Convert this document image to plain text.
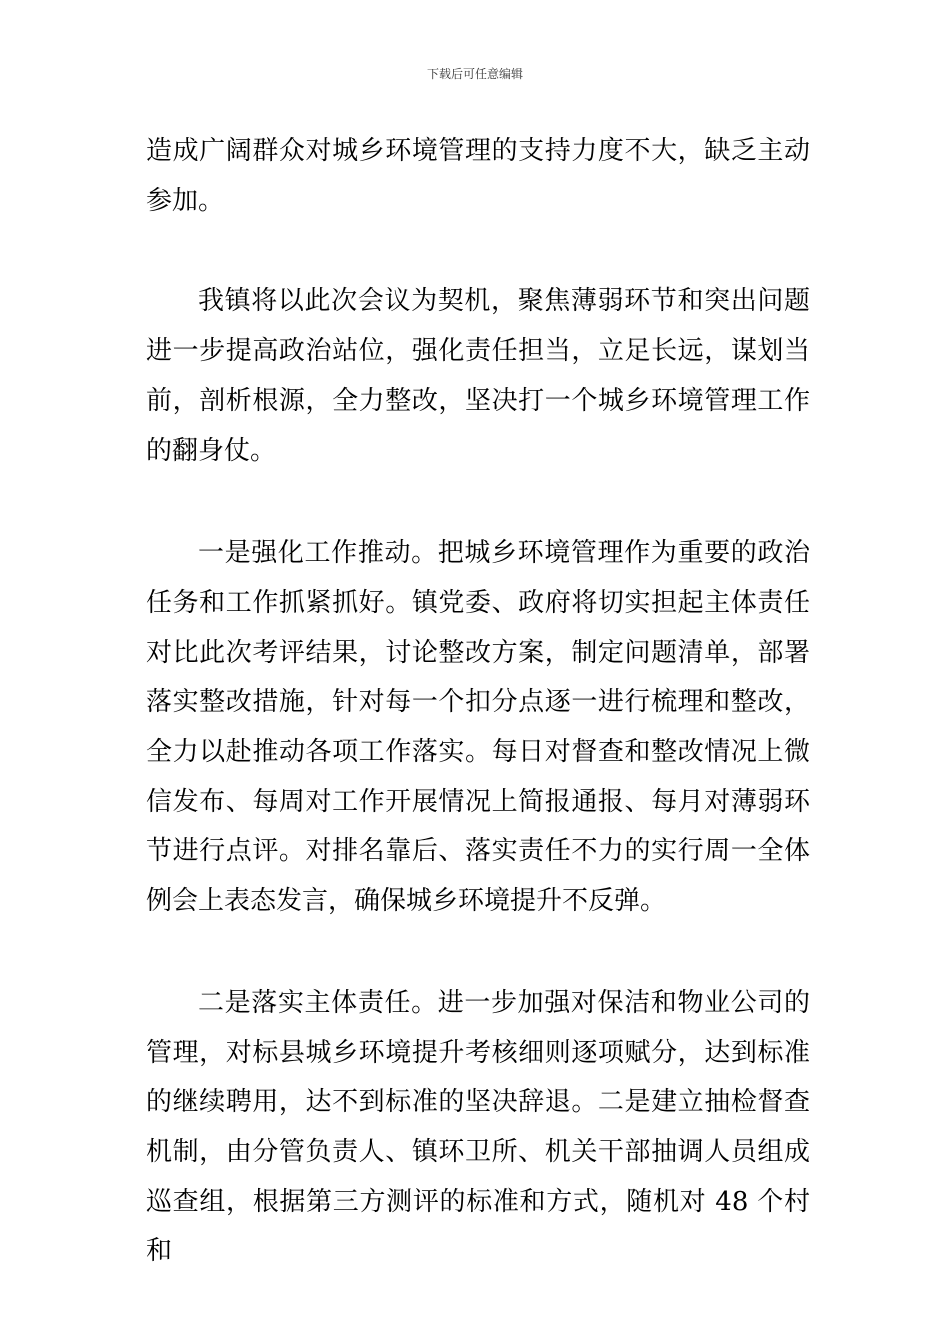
下载后可任意编辑

造成广阔群众对城乡环境管理的支持力度不大，缺乏主动参加。

我镇将以此次会议为契机，聚焦薄弱环节和突出问题进一步提高政治站位，强化责任担当，立足长远，谋划当前，剖析根源，全力整改，坚决打一个城乡环境管理工作的翻身仗。

一是强化工作推动。把城乡环境管理作为重要的政治任务和工作抓紧抓好。镇党委、政府将切实担起主体责任对比此次考评结果，讨论整改方案，制定问题清单，部署落实整改措施，针对每一个扣分点逐一进行梳理和整改，全力以赴推动各项工作落实。每日对督查和整改情况上微信发布、每周对工作开展情况上简报通报、每月对薄弱环节进行点评。对排名靠后、落实责任不力的实行周一全体例会上表态发言，确保城乡环境提升不反弹。

二是落实主体责任。进一步加强对保洁和物业公司的管理，对标县城乡环境提升考核细则逐项赋分，达到标准的继续聘用，达不到标准的坚决辞退。二是建立抽检督查机制，由分管负责人、镇环卫所、机关干部抽调人员组成巡查组，根据第三方测评的标准和方式，随机对 48 个村和
